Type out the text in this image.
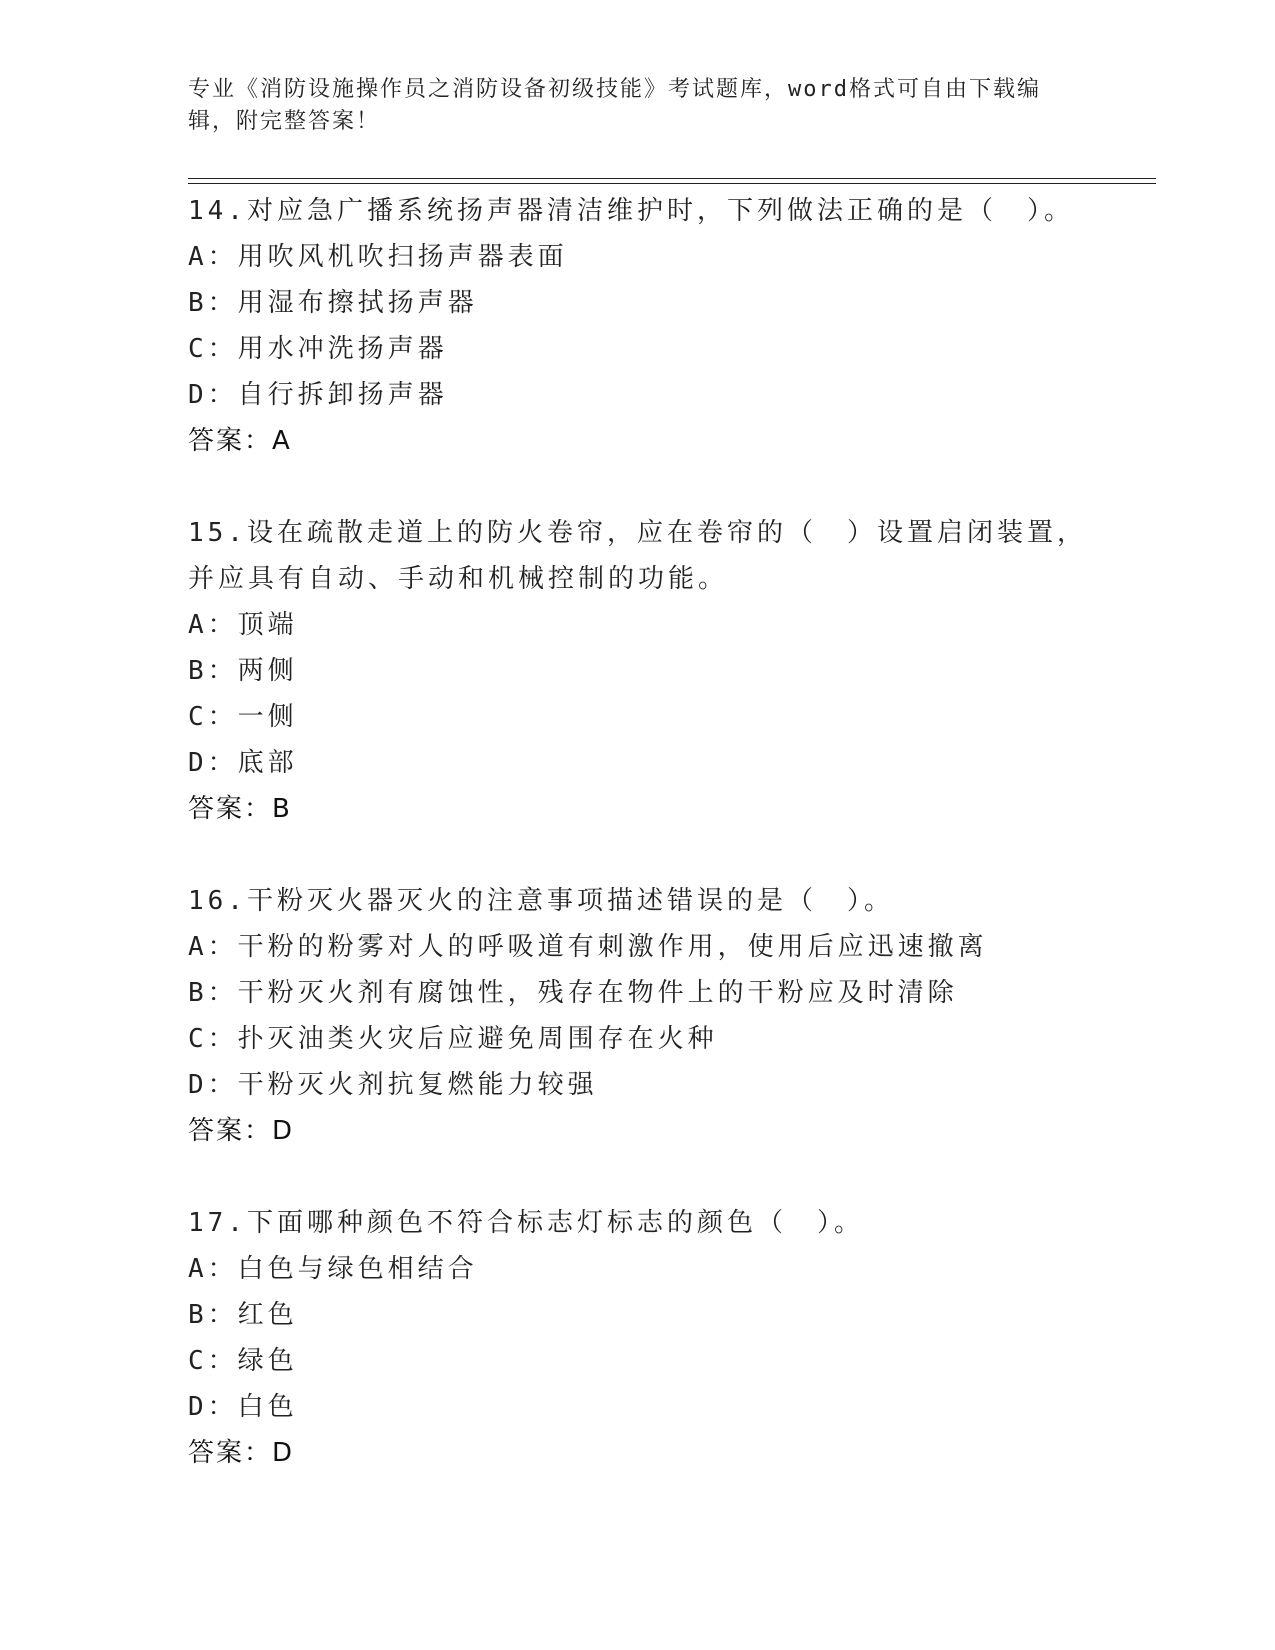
专业《消防设施操作员之消防设备初级技能》考试题库，word格式可自由下载编辑，附完整答案！
14.对应急广播系统扬声器清洁维护时，下列做法正确的是（　）。
A：用吹风机吹扫扬声器表面
B：用湿布擦拭扬声器
C：用水冲洗扬声器
D：自行拆卸扬声器
答案：A
15.设在疏散走道上的防火卷帘，应在卷帘的（　）设置启闭装置，并应具有自动、手动和机械控制的功能。
A：顶端
B：两侧
C：一侧
D：底部
答案：B
16.干粉灭火器灭火的注意事项描述错误的是（　）。
A：干粉的粉雾对人的呼吸道有刺激作用，使用后应迅速撤离
B：干粉灭火剂有腐蚀性，残存在物件上的干粉应及时清除
C：扑灭油类火灾后应避免周围存在火种
D：干粉灭火剂抗复燃能力较强
答案：D
17.下面哪种颜色不符合标志灯标志的颜色（　）。
A：白色与绿色相结合
B：红色
C：绿色
D：白色
答案：D
